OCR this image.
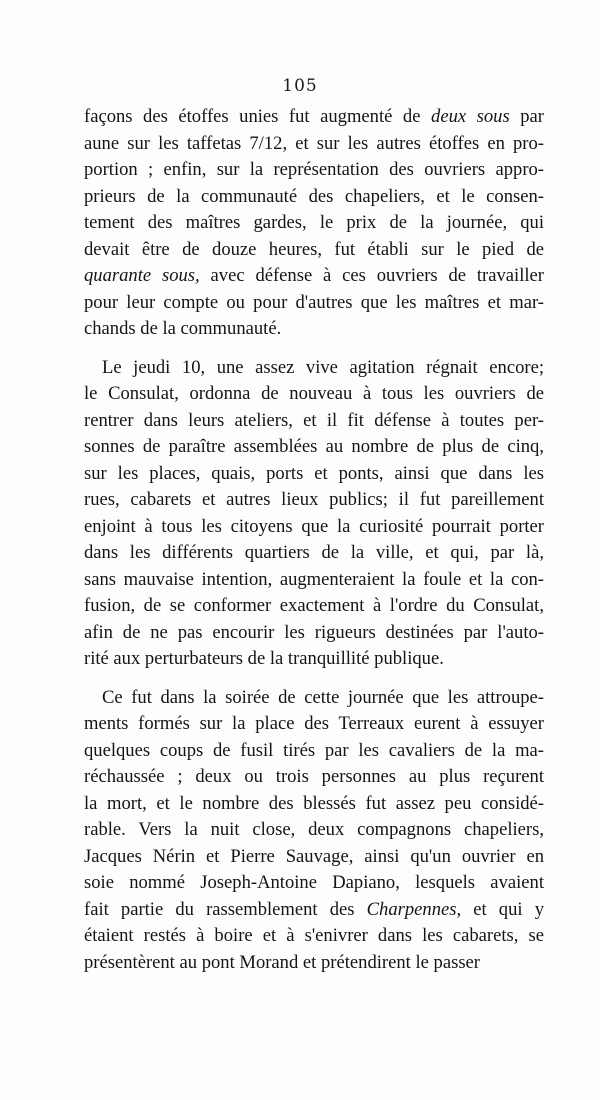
105
façons des étoffes unies fut augmenté de deux sous par
aune sur les taffetas 7/12, et sur les autres étoffes en pro-
portion ; enfin, sur la représentation des ouvriers appro-
prieurs de la communauté des chapeliers, et le consen-
tement des maîtres gardes, le prix de la journée, qui
devait être de douze heures, fut établi sur le pied de
quarante sous, avec défense à ces ouvriers de travailler
pour leur compte ou pour d'autres que les maîtres et mar-
chands de la communauté.
Le jeudi 10, une assez vive agitation régnait encore;
le Consulat, ordonna de nouveau à tous les ouvriers de
rentrer dans leurs ateliers, et il fit défense à toutes per-
sonnes de paraître assemblées au nombre de plus de cinq,
sur les places, quais, ports et ponts, ainsi que dans les
rues, cabarets et autres lieux publics; il fut pareillement
enjoint à tous les citoyens que la curiosité pourrait porter
dans les différents quartiers de la ville, et qui, par là,
sans mauvaise intention, augmenteraient la foule et la con-
fusion, de se conformer exactement à l'ordre du Consulat,
afin de ne pas encourir les rigueurs destinées par l'auto-
rité aux perturbateurs de la tranquillité publique.
Ce fut dans la soirée de cette journée que les attroupe-
ments formés sur la place des Terreaux eurent à essuyer
quelques coups de fusil tirés par les cavaliers de la ma-
réchaussée ; deux ou trois personnes au plus reçurent
la mort, et le nombre des blessés fut assez peu considé-
rable. Vers la nuit close, deux compagnons chapeliers,
Jacques Nérin et Pierre Sauvage, ainsi qu'un ouvrier en
soie nommé Joseph-Antoine Dapiano, lesquels avaient
fait partie du rassemblement des Charpennes, et qui y
étaient restés à boire et à s'enivrer dans les cabarets, se
présentèrent au pont Morand et prétendirent le passer
